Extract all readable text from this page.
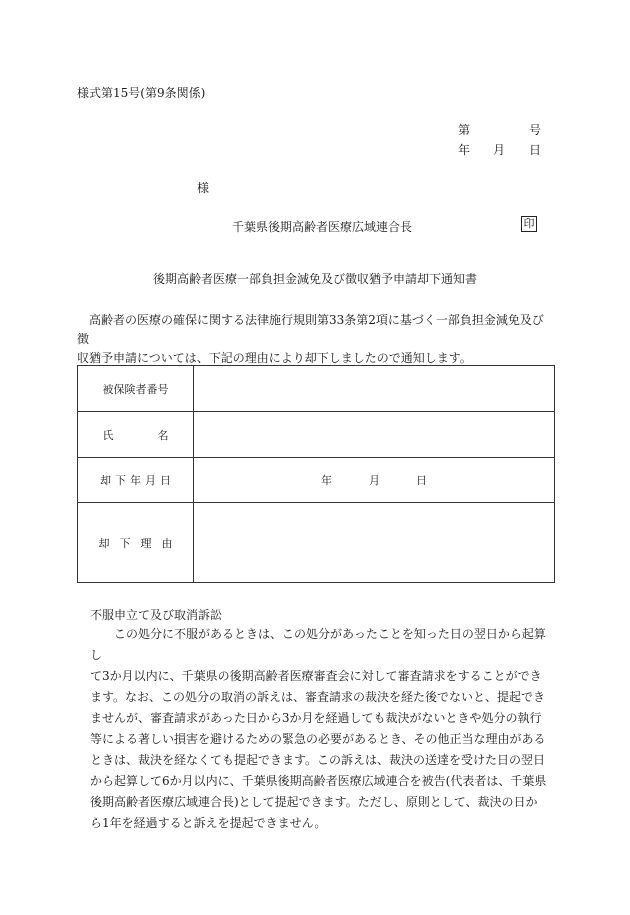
様式第15号(第9条関係)
第	号
年 月 日
様
千葉県後期高齢者医療広域連合長	印
後期高齢者医療一部負担金減免及び徴収猶予申請却下通知書

　高齢者の医療の確保に関する法律施行規則第33条第2項に基づく一部負担金減免及び徴

収猶予申請については、下記の理由により却下しましたので通知します。

被保険者番号	
氏名	
却下年月日	年 月 日

却下理由	
不服申立て及び取消訴訟

　　この処分に不服があるときは、この処分があったことを知った日の翌日から起算し

て3か月以内に、千葉県の後期高齢者医療審査会に対して審査請求をすることができ

ます。なお、この処分の取消の訴えは、審査請求の裁決を経た後でないと、提起でき

ませんが、審査請求があった日から3か月を経過しても裁決がないときや処分の執行

等による著しい損害を避けるための緊急の必要があるとき、その他正当な理由がある

ときは、裁決を経なくても提起できます。この訴えは、裁決の送達を受けた日の翌日

から起算して6か月以内に、千葉県後期高齢者医療広域連合を被告(代表者は、千葉県

後期高齢者医療広域連合長)として提起できます。ただし、原則として、裁決の日か

ら1年を経過すると訴えを提起できません。
